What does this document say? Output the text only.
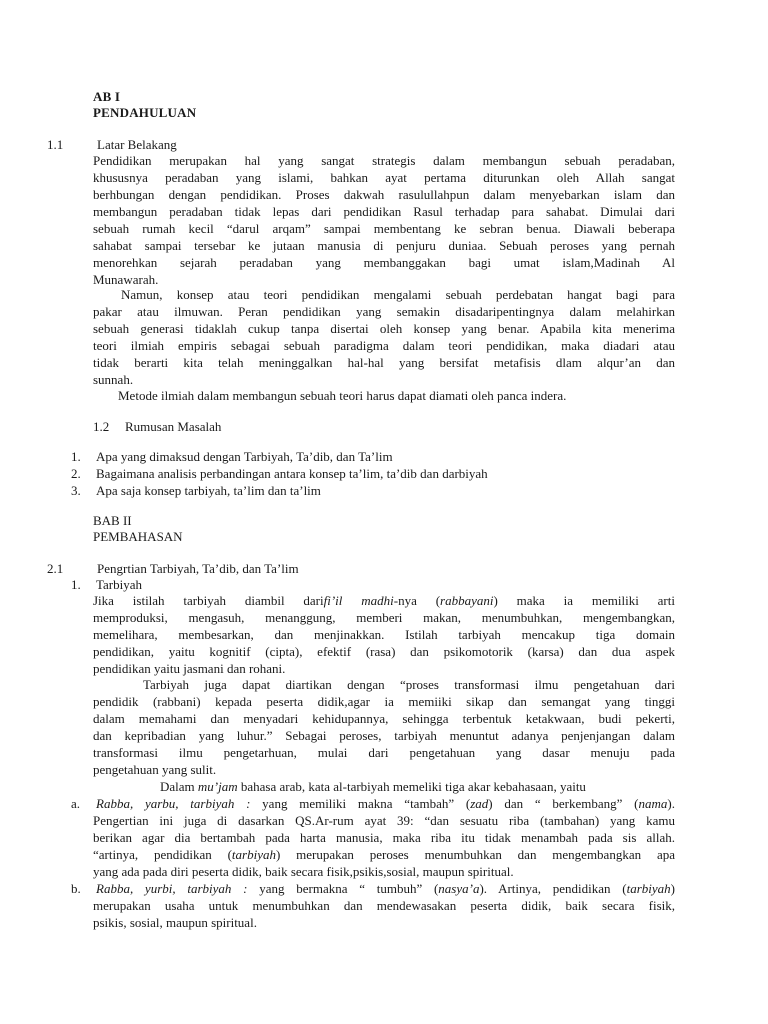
AB I
PENDAHULUAN
1.1	Latar Belakang
Pendidikan merupakan hal yang sangat strategis dalam membangun sebuah peradaban,
khususnya peradaban yang islami, bahkan ayat pertama diturunkan oleh Allah sangat
berhbungan dengan pendidikan. Proses dakwah rasulullahpun dalam menyebarkan islam dan
membangun peradaban tidak lepas dari pendidikan Rasul terhadap para sahabat. Dimulai dari
sebuah rumah kecil “darul arqam” sampai membentang ke sebran benua. Diawali beberapa
sahabat sampai tersebar ke jutaan manusia di penjuru duniaa. Sebuah peroses yang pernah
menorehkan sejarah peradaban yang membanggakan bagi umat islam,Madinah Al
Munawarah.
Namun, konsep atau teori pendidikan mengalami sebuah perdebatan hangat bagi para
pakar atau ilmuwan. Peran pendidikan yang semakin disadaripentingnya dalam melahirkan
sebuah generasi tidaklah cukup tanpa disertai oleh konsep yang benar. Apabila kita menerima
teori ilmiah empiris sebagai sebuah paradigma dalam teori pendidikan, maka diadari atau
tidak berarti kita telah meninggalkan hal-hal yang bersifat metafisis dlam alqur’an dan
sunnah.
Metode ilmiah dalam membangun sebuah teori harus dapat diamati oleh panca indera.
1.2 Rumusan Masalah
1. Apa yang dimaksud dengan Tarbiyah, Ta’dib, dan Ta’lim
2. Bagaimana analisis perbandingan antara konsep ta’lim, ta’dib dan darbiyah
3. Apa saja konsep tarbiyah, ta’lim dan ta’lim
BAB II
PEMBAHASAN
2.1	Pengrtian Tarbiyah, Ta’dib, dan Ta’lim
1. Tarbiyah
Jika istilah tarbiyah diambil darifi’il madhi-nya (rabbayani) maka ia memiliki arti
memproduksi, mengasuh, menanggung, memberi makan, menumbuhkan, mengembangkan,
memelihara, membesarkan, dan menjinakkan. Istilah tarbiyah mencakup tiga domain
pendidikan, yaitu kognitif (cipta), efektif (rasa) dan psikomotorik (karsa) dan dua aspek
pendidikan yaitu jasmani dan rohani.
Tarbiyah juga dapat diartikan dengan “proses transformasi ilmu pengetahuan dari
pendidik (rabbani) kepada peserta didik,agar ia memiiki sikap dan semangat yang tinggi
dalam memahami dan menyadari kehidupannya, sehingga terbentuk ketakwaan, budi pekerti,
dan kepribadian yang luhur.” Sebagai peroses, tarbiyah menuntut adanya penjenjangan dalam
transformasi ilmu pengetarhuan, mulai dari pengetahuan yang dasar menuju pada
pengetahuan yang sulit.
Dalam mu’jam bahasa arab, kata al-tarbiyah memeliki tiga akar kebahasaan, yaitu
a. Rabba, yarbu, tarbiyah : yang memiliki makna “tambah” (zad) dan “ berkembang” (nama).
Pengertian ini juga di dasarkan QS.Ar-rum ayat 39: “dan sesuatu riba (tambahan) yang kamu
berikan agar dia bertambah pada harta manusia, maka riba itu tidak menambah pada sis allah.
“artinya, pendidikan (tarbiyah) merupakan peroses menumbuhkan dan mengembangkan apa
yang ada pada diri peserta didik, baik secara fisik,psikis,sosial, maupun spiritual.
b. Rabba, yurbi, tarbiyah : yang bermakna “ tumbuh” (nasya’a). Artinya, pendidikan (tarbiyah)
merupakan usaha untuk menumbuhkan dan mendewasakan peserta didik, baik secara fisik,
psikis, sosial, maupun spiritual.
